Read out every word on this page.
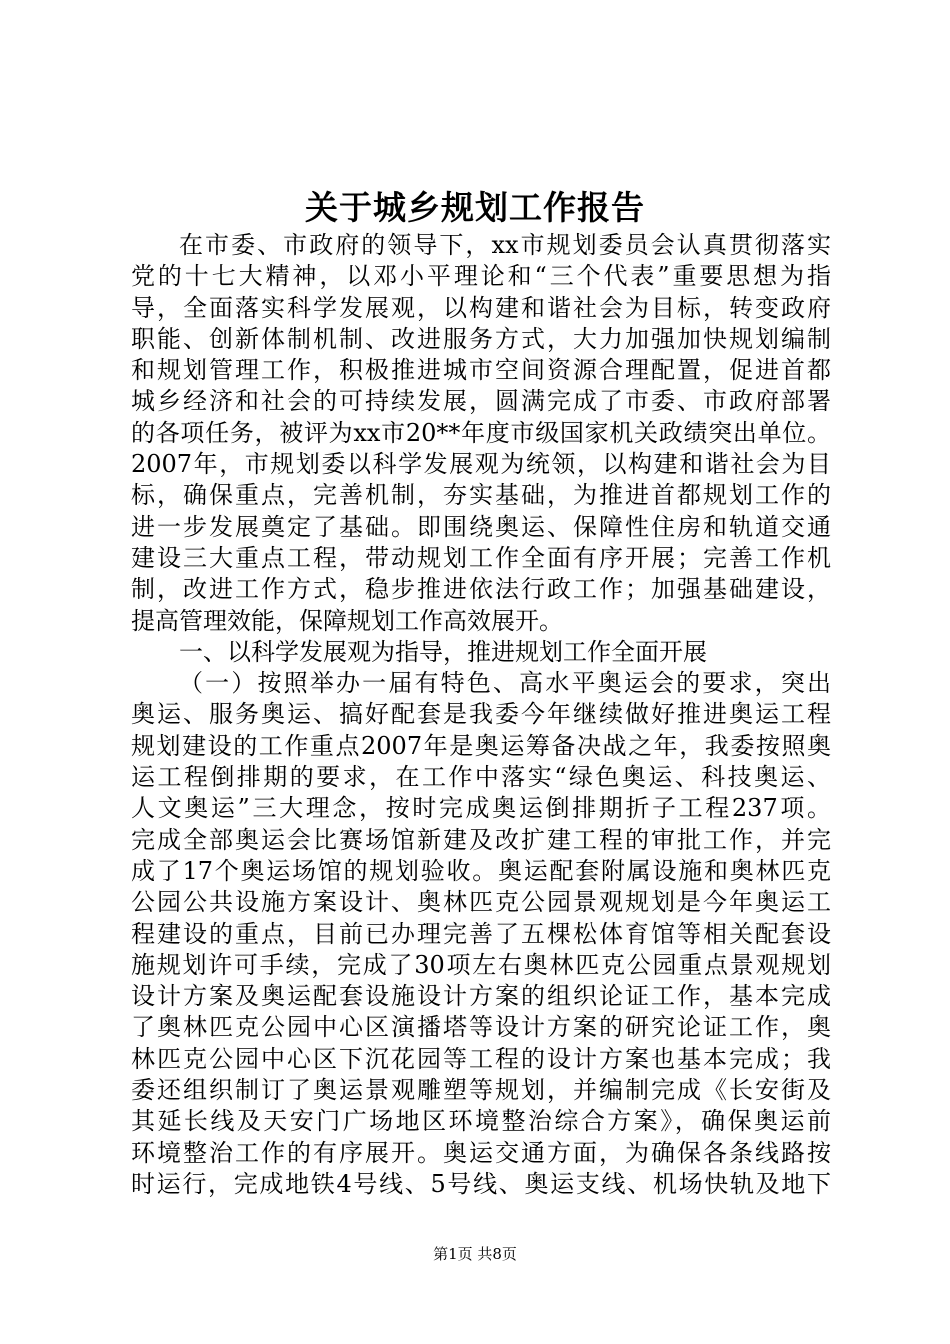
关于城乡规划工作报告
在市委、市政府的领导下，xx市规划委员会认真贯彻落实
党的十七大精神，以邓小平理论和“三个代表”重要思想为指
导，全面落实科学发展观，以构建和谐社会为目标，转变政府
职能、创新体制机制、改进服务方式，大力加强加快规划编制
和规划管理工作，积极推进城市空间资源合理配置，促进首都
城乡经济和社会的可持续发展，圆满完成了市委、市政府部署
的各项任务，被评为xx市20**年度市级国家机关政绩突出单位。
2007年，市规划委以科学发展观为统领，以构建和谐社会为目
标，确保重点，完善机制，夯实基础，为推进首都规划工作的
进一步发展奠定了基础。即围绕奥运、保障性住房和轨道交通
建设三大重点工程，带动规划工作全面有序开展；完善工作机
制，改进工作方式，稳步推进依法行政工作；加强基础建设，
提高管理效能，保障规划工作高效展开。
一、以科学发展观为指导，推进规划工作全面开展
（一）按照举办一届有特色、高水平奥运会的要求，突出
奥运、服务奥运、搞好配套是我委今年继续做好推进奥运工程
规划建设的工作重点2007年是奥运筹备决战之年，我委按照奥
运工程倒排期的要求，在工作中落实“绿色奥运、科技奥运、
人文奥运”三大理念，按时完成奥运倒排期折子工程237项。
完成全部奥运会比赛场馆新建及改扩建工程的审批工作，并完
成了17个奥运场馆的规划验收。奥运配套附属设施和奥林匹克
公园公共设施方案设计、奥林匹克公园景观规划是今年奥运工
程建设的重点，目前已办理完善了五棵松体育馆等相关配套设
施规划许可手续，完成了30项左右奥林匹克公园重点景观规划
设计方案及奥运配套设施设计方案的组织论证工作，基本完成
了奥林匹克公园中心区演播塔等设计方案的研究论证工作，奥
林匹克公园中心区下沉花园等工程的设计方案也基本完成；我
委还组织制订了奥运景观雕塑等规划，并编制完成《长安街及
其延长线及天安门广场地区环境整治综合方案》，确保奥运前
环境整治工作的有序展开。奥运交通方面，为确保各条线路按
时运行，完成地铁4号线、5号线、奥运支线、机场快轨及地下
第1页 共8页
